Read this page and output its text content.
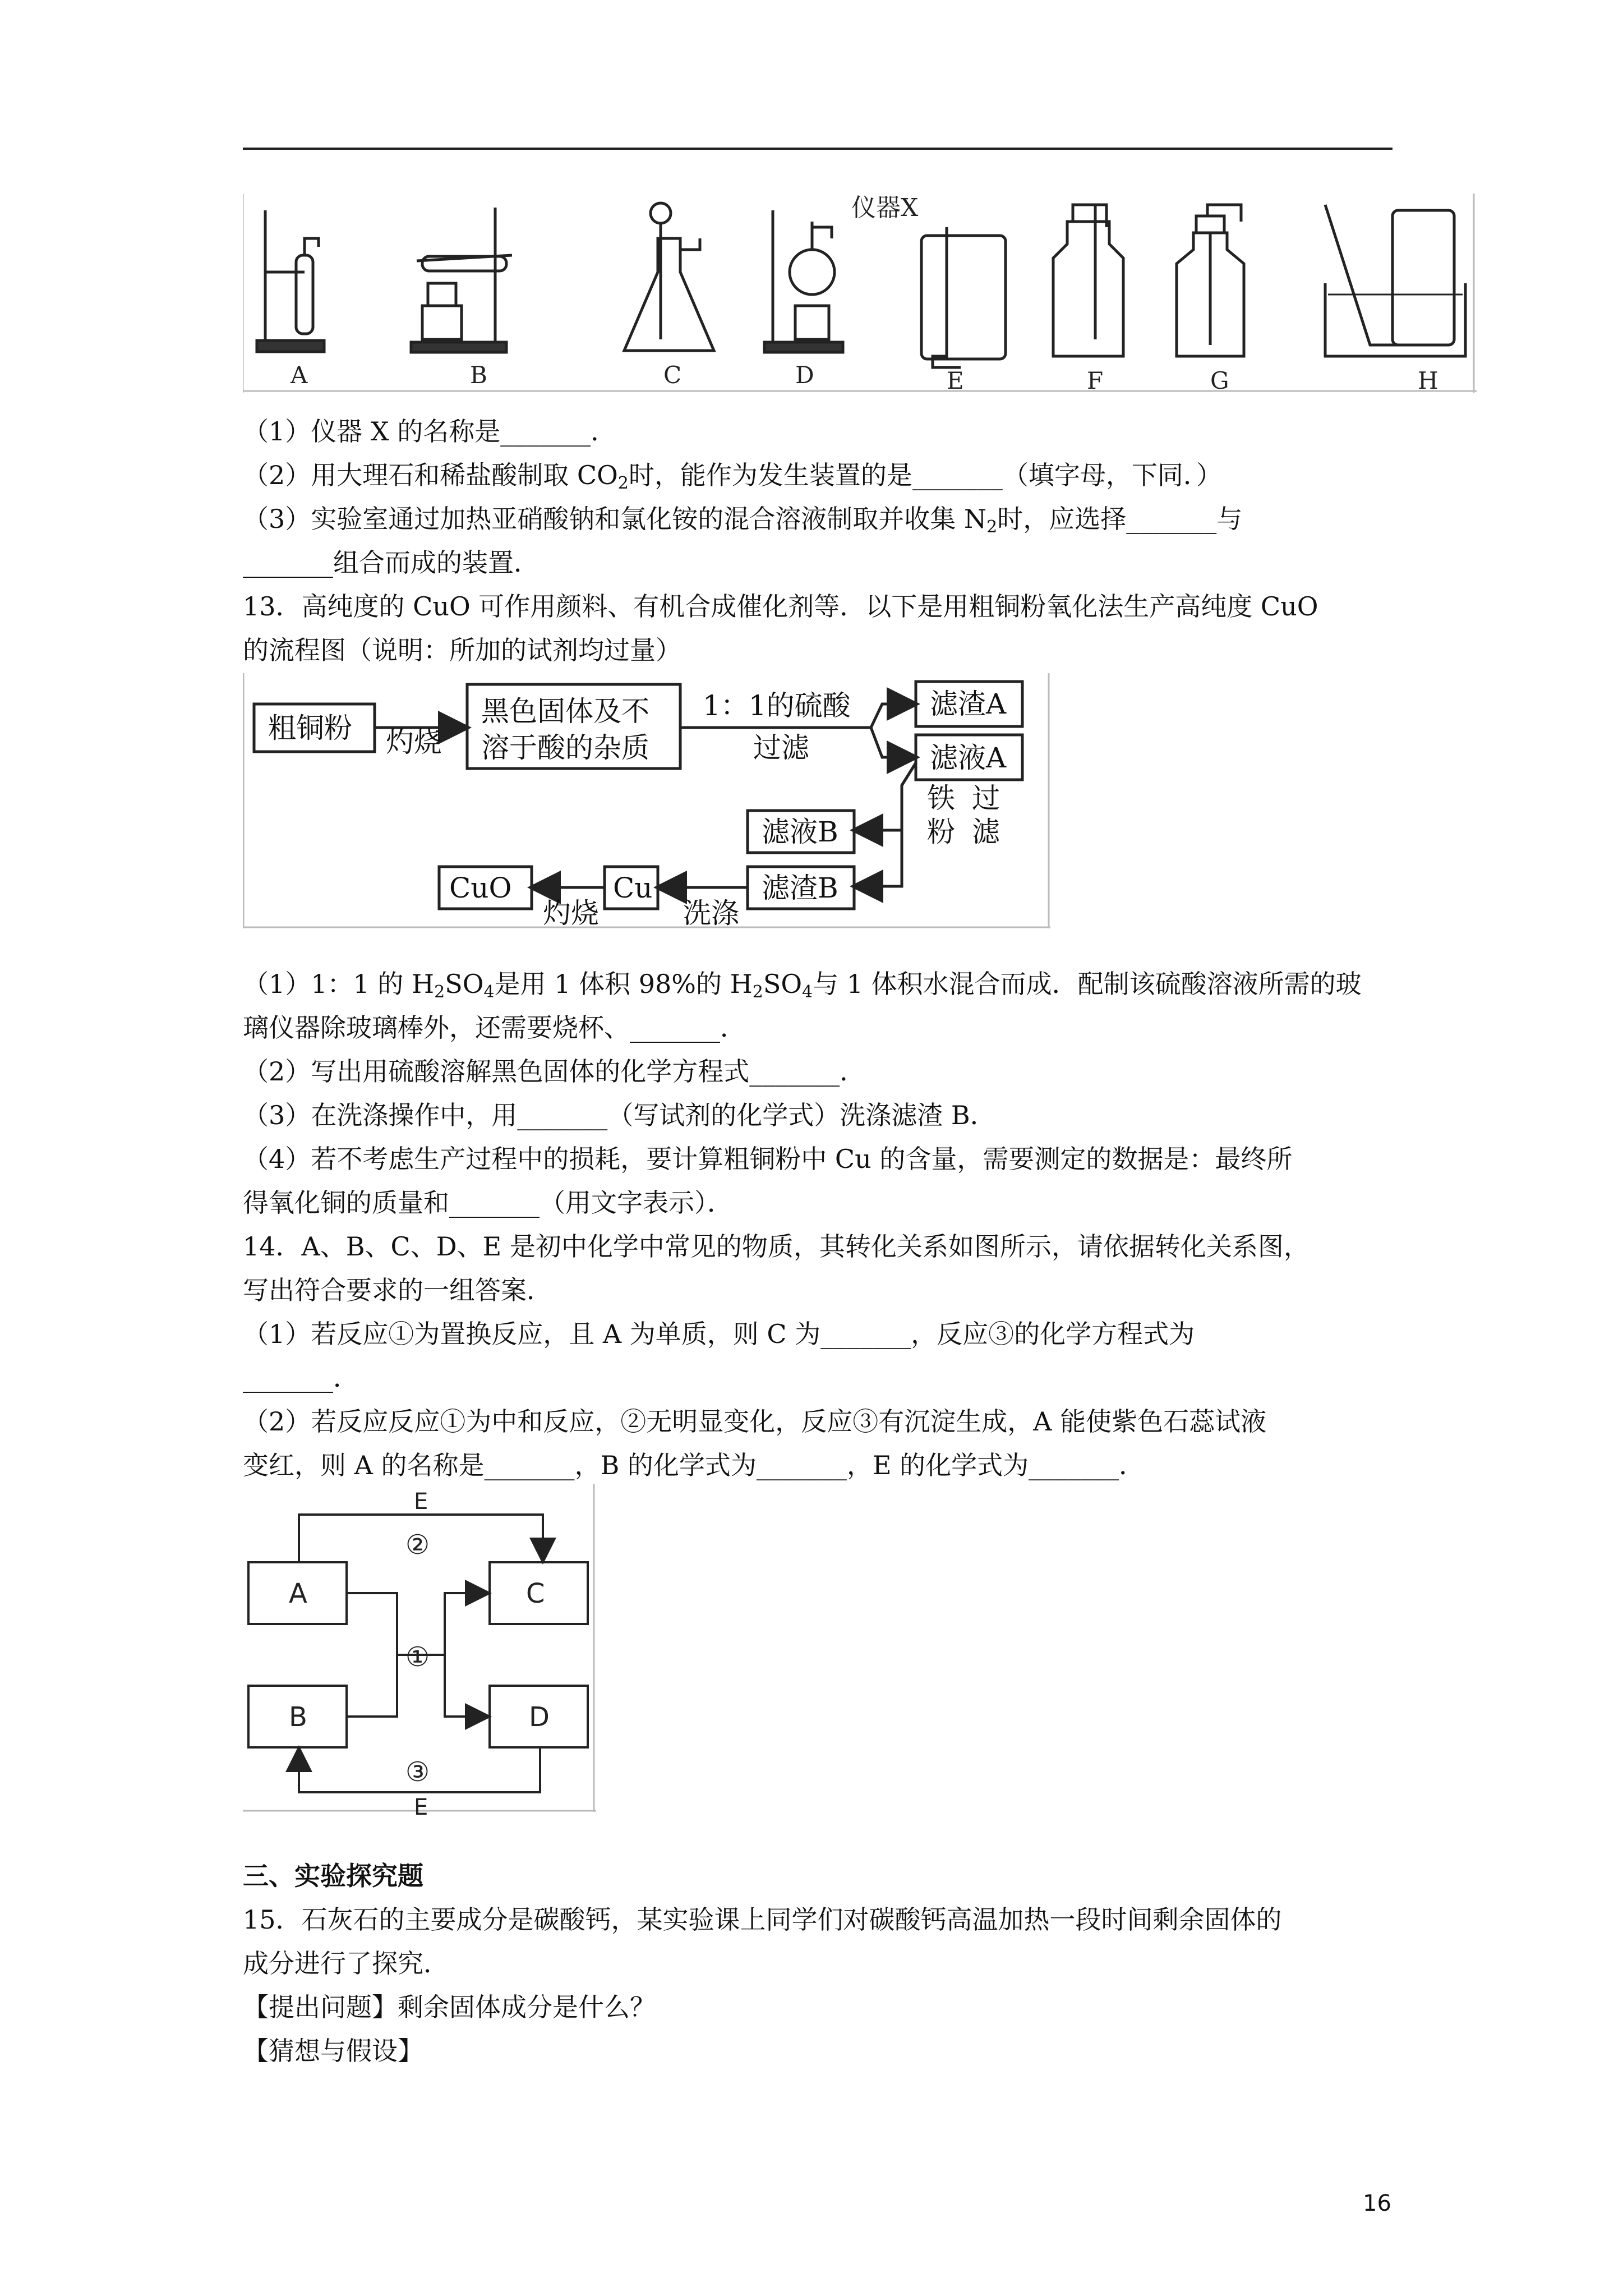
仪器X
A	B	C	D	E	F	G	H
（1）仪器 X 的名称是_______．
（2）用大理石和稀盐酸制取 $CO_2$时，能作为发生装置的是_______（填字母，下同．）
（3）实验室通过加热亚硝酸钠和氯化铵的混合溶液制取并收集 $N_2$时，应选择_______与
_______组合而成的装置．
13．高纯度的 CuO 可作用颜料、有机合成催化剂等．以下是用粗铜粉氧化法生产高纯度 CuO
的流程图（说明：所加的试剂均过量）
粗铜粉 灼烧
黑色固体及不
溶于酸的杂质
1：1的硫酸
过滤
滤渣A
滤液A
铁
粉
过
滤
滤液B
滤渣B
洗涤
Cu
灼烧
CuO
（1）1：1 的 $H_2SO_4$是用 1 体积 98%的 $H_2SO_4$与 1 体积水混合而成．配制该硫酸溶液所需的玻
璃仪器除玻璃棒外，还需要烧杯、_______．
（2）写出用硫酸溶解黑色固体的化学方程式_______．
（3）在洗涤操作中，用_______（写试剂的化学式）洗涤滤渣 B．
（4）若不考虑生产过程中的损耗，要计算粗铜粉中 Cu 的含量，需要测定的数据是：最终所
得氧化铜的质量和_______（用文字表示）．
14．A、B、C、D、E 是初中化学中常见的物质，其转化关系如图所示，请依据转化关系图，
写出符合要求的一组答案．
（1）若反应①为置换反应，且 A 为单质，则 C 为_______，反应③的化学方程式为
_______．
（2）若反应反应①为中和反应，②无明显变化，反应③有沉淀生成，A 能使紫色石蕊试液
变红，则 A 的名称是_______，B 的化学式为_______，E 的化学式为_______．
A	C
B	D
E
②
①
③
E
三、实验探究题
15．石灰石的主要成分是碳酸钙，某实验课上同学们对碳酸钙高温加热一段时间剩余固体的
成分进行了探究．
【提出问题】剩余固体成分是什么？
【猜想与假设】
16
